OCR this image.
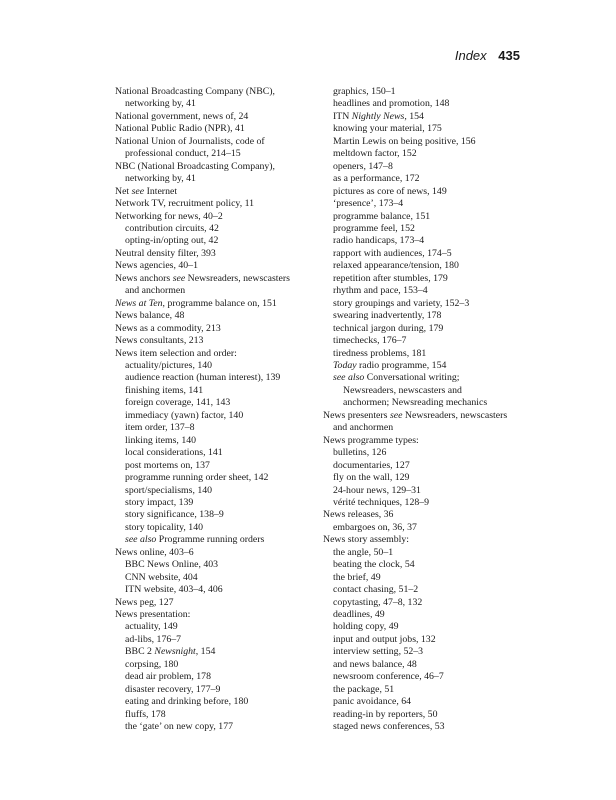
Index 435

National Broadcasting Company (NBC),
networking by, 41

National government, news of, 24

National Public Radio (NPR), 41

National Union of Journalists, code of
professional conduct, 214–15

NBC (National Broadcasting Company),
networking by, 41

Net see Internet

Network TV, recruitment policy, 11

Networking for news, 40–2

contribution circuits, 42

opting-in/opting out, 42

Neutral density filter, 393

News agencies, 40–1

News anchors see Newsreaders, newscasters
and anchormen

News at Ten, programme balance on, 151

News balance, 48

News as a commodity, 213

News consultants, 213

News item selection and order:

actuality/pictures, 140

audience reaction (human interest), 139

finishing items, 141

foreign coverage, 141, 143

immediacy (yawn) factor, 140

item order, 137–8

linking items, 140

local considerations, 141

post mortems on, 137

programme running order sheet, 142

sport/specialisms, 140

story impact, 139

story significance, 138–9

story topicality, 140

see also Programme running orders

News online, 403–6

BBC News Online, 403

CNN website, 404

ITN website, 403–4, 406

News peg, 127

News presentation:

actuality, 149

ad-libs, 176–7

BBC 2 Newsnight, 154

corpsing, 180

dead air problem, 178

disaster recovery, 177–9

eating and drinking before, 180

fluffs, 178

the ‘gate’ on new copy, 177

graphics, 150–1

headlines and promotion, 148

ITN Nightly News, 154

knowing your material, 175

Martin Lewis on being positive, 156

meltdown factor, 152

openers, 147–8

as a performance, 172

pictures as core of news, 149

‘presence’, 173–4

programme balance, 151

programme feel, 152

radio handicaps, 173–4

rapport with audiences, 174–5

relaxed appearance/tension, 180

repetition after stumbles, 179

rhythm and pace, 153–4

story groupings and variety, 152–3

swearing inadvertently, 178

technical jargon during, 179

timechecks, 176–7

tiredness problems, 181

Today radio programme, 154

see also Conversational writing;
Newsreaders, newscasters and
anchormen; Newsreading mechanics

News presenters see Newsreaders, newscasters
and anchormen

News programme types:

bulletins, 126

documentaries, 127

fly on the wall, 129

24-hour news, 129–31

vérité techniques, 128–9

News releases, 36

embargoes on, 36, 37

News story assembly:

the angle, 50–1

beating the clock, 54

the brief, 49

contact chasing, 51–2

copytasting, 47–8, 132

deadlines, 49

holding copy, 49

input and output jobs, 132

interview setting, 52–3

and news balance, 48

newsroom conference, 46–7

the package, 51

panic avoidance, 64

reading-in by reporters, 50

staged news conferences, 53
